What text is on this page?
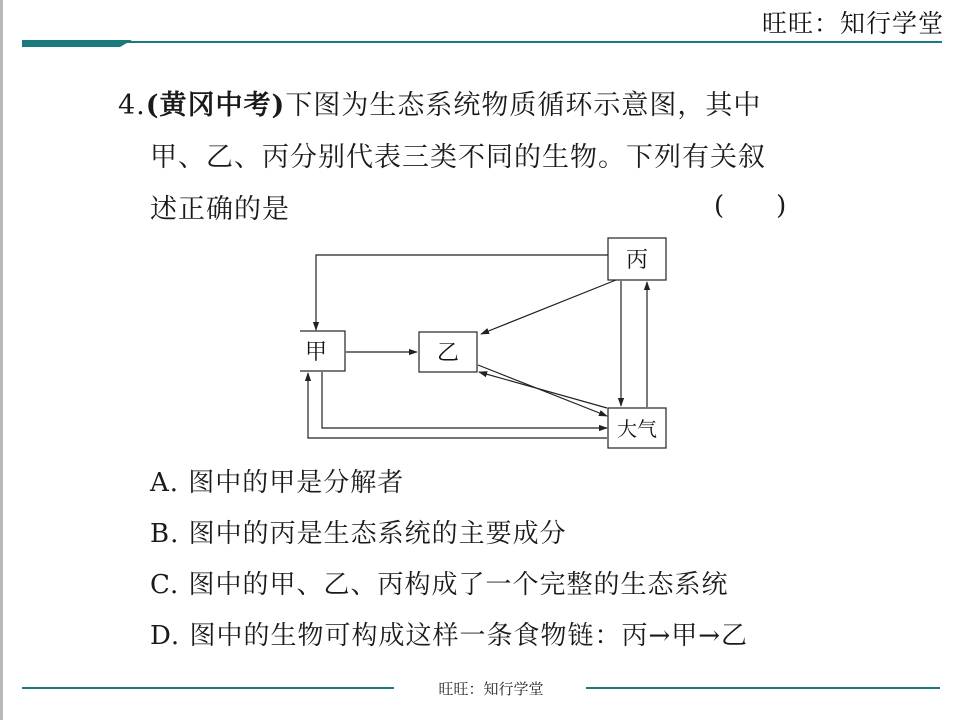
旺旺：知行学堂
4.(黄冈中考)下图为生态系统物质循环示意图，其中
甲、乙、丙分别代表三类不同的生物。下列有关叙
述正确的是	(　　)
丙
甲	乙
大气
A. 图中的甲是分解者
B. 图中的丙是生态系统的主要成分
C. 图中的甲、乙、丙构成了一个完整的生态系统
D. 图中的生物可构成这样一条食物链：丙→甲→乙
旺旺：知行学堂
